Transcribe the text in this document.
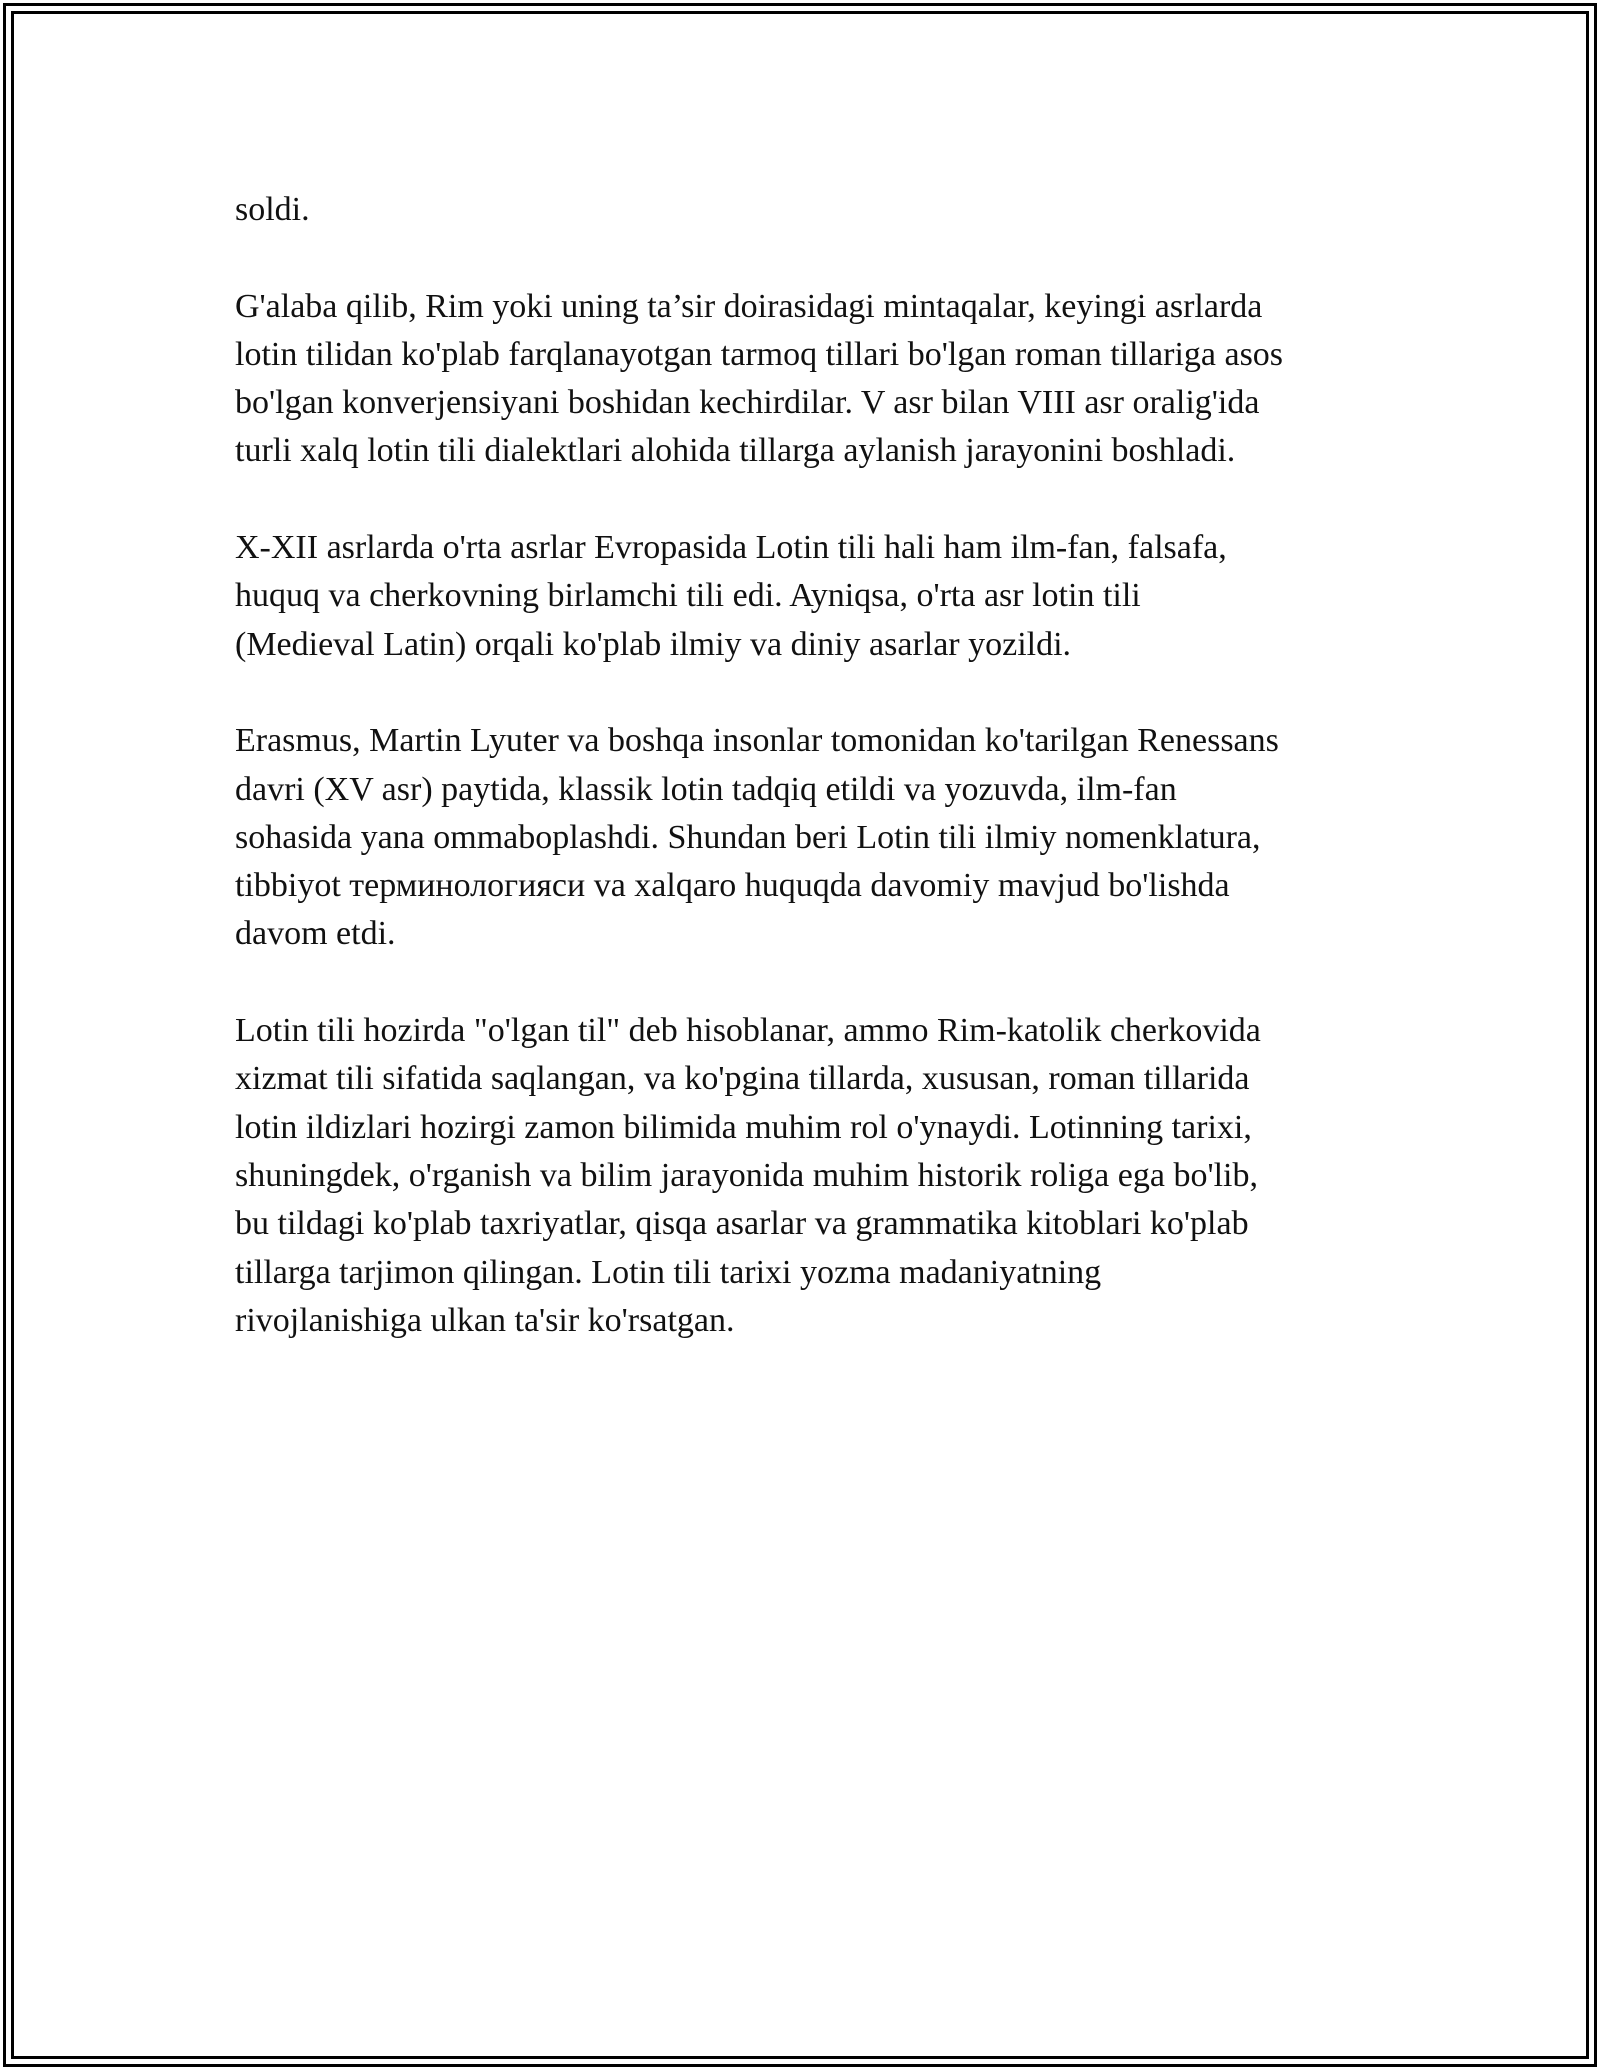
soldi.

G'alaba qilib, Rim yoki uning ta’sir doirasidagi mintaqalar, keyingi asrlarda
lotin tilidan ko'plab farqlanayotgan tarmoq tillari bo'lgan roman tillariga asos
bo'lgan konverjensiyani boshidan kechirdilar. V asr bilan VIII asr oralig'ida
turli xalq lotin tili dialektlari alohida tillarga aylanish jarayonini boshladi.

X-XII asrlarda o'rta asrlar Evropasida Lotin tili hali ham ilm-fan, falsafa,
huquq va cherkovning birlamchi tili edi. Ayniqsa, o'rta asr lotin tili
(Medieval Latin) orqali ko'plab ilmiy va diniy asarlar yozildi.

Erasmus, Martin Lyuter va boshqa insonlar tomonidan ko'tarilgan Renessans
davri (XV asr) paytida, klassik lotin tadqiq etildi va yozuvda, ilm-fan
sohasida yana ommaboplashdi. Shundan beri Lotin tili ilmiy nomenklatura,
tibbiyot терминологияси va xalqaro huquqda davomiy mavjud bo'lishda
davom etdi.

Lotin tili hozirda "o'lgan til" deb hisoblanar, ammo Rim-katolik cherkovida
xizmat tili sifatida saqlangan, va ko'pgina tillarda, xususan, roman tillarida
lotin ildizlari hozirgi zamon bilimida muhim rol o'ynaydi. Lotinning tarixi,
shuningdek, o'rganish va bilim jarayonida muhim historik roliga ega bo'lib,
bu tildagi ko'plab taxriyatlar, qisqa asarlar va grammatika kitoblari ko'plab
tillarga tarjimon qilingan. Lotin tili tarixi yozma madaniyatning
rivojlanishiga ulkan ta'sir ko'rsatgan.
